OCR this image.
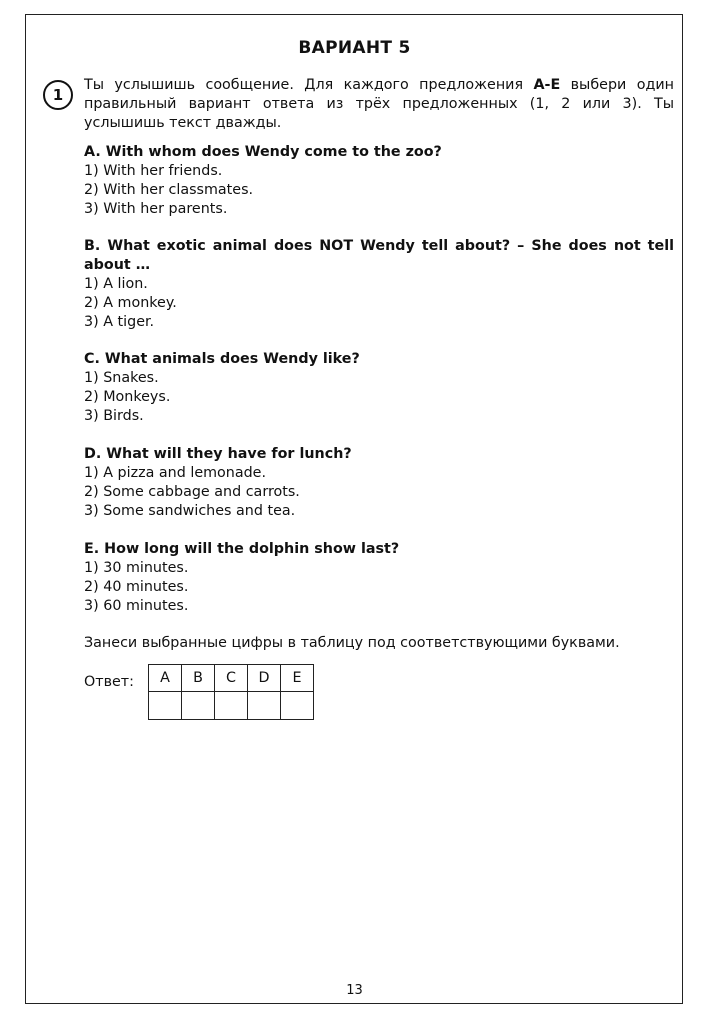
ВАРИАНТ 5
1
Ты услышишь сообщение. Для каждого предложения A-E выбери один правильный вариант ответа из трёх предложенных (1, 2 или 3). Ты услышишь текст дважды.
A. With whom does Wendy come to the zoo?
1) With her friends.
2) With her classmates.
3) With her parents.
B. What exotic animal does NOT Wendy tell about? – She does not tell about …
1) A lion.
2) A monkey.
3) A tiger.
C. What animals does Wendy like?
1) Snakes.
2) Monkeys.
3) Birds.
D. What will they have for lunch?
1) A pizza and lemonade.
2) Some cabbage and carrots.
3) Some sandwiches and tea.
E. How long will the dolphin show last?
1) 30 minutes.
2) 40 minutes.
3) 60 minutes.
Занеси выбранные цифры в таблицу под соответствующими буквами.
Ответ: A	B	C	D	E

13
